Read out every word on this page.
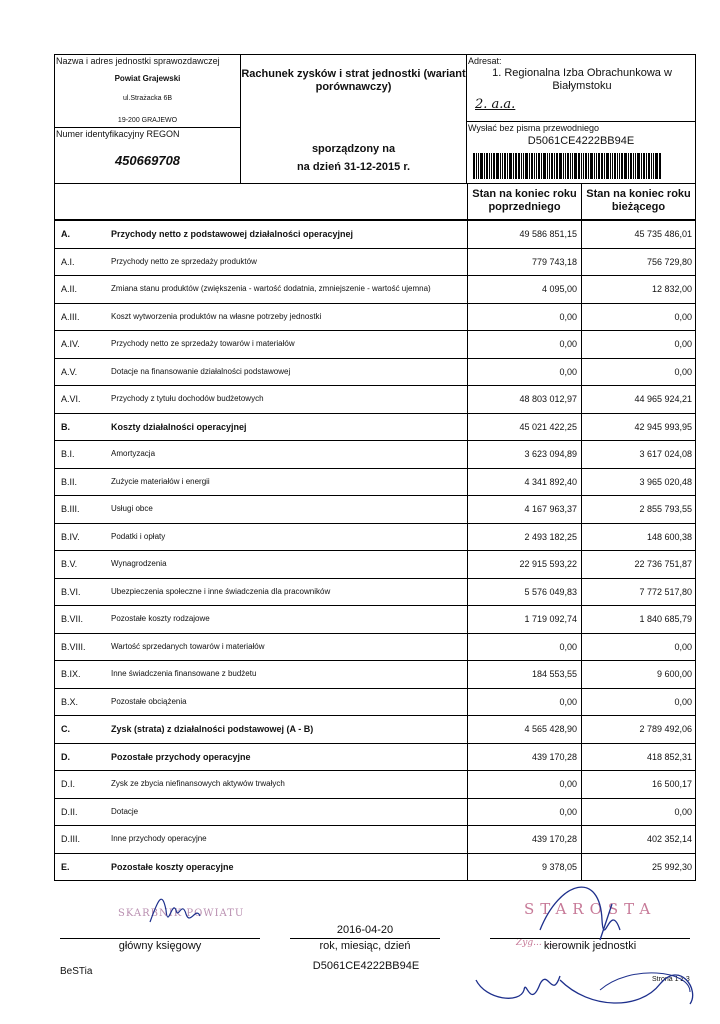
Nazwa i adres jednostki sprawozdawczej
Powiat Grajewski
ul.Strażacka 6B
19-200 GRAJEWO
Numer identyfikacyjny REGON
450669708
Rachunek zysków i strat jednostki (wariant porównawczy)
sporządzony na
na dzień 31-12-2015 r.
Adresat:
1. Regionalna Izba Obrachunkowa w Białymstoku
2. a.a.
Wysłać bez pisma przewodniego
D5061CE4222BB94E
Stan na koniec roku poprzedniego
Stan na koniec roku bieżącego
A.	Przychody netto z podstawowej działalności operacyjnej	49 586 851,15	45 735 486,01
A.I.	Przychody netto ze sprzedaży produktów	779 743,18	756 729,80
A.II.	Zmiana stanu produktów (zwiększenia - wartość dodatnia, zmniejszenie - wartość ujemna)	4 095,00	12 832,00
A.III.	Koszt wytworzenia produktów na własne potrzeby jednostki	0,00	0,00
A.IV.	Przychody netto ze sprzedaży towarów i materiałów	0,00	0,00
A.V.	Dotacje na finansowanie działalności podstawowej	0,00	0,00
A.VI.	Przychody z tytułu dochodów budżetowych	48 803 012,97	44 965 924,21
B.	Koszty działalności operacyjnej	45 021 422,25	42 945 993,95
B.I.	Amortyzacja	3 623 094,89	3 617 024,08
B.II.	Zużycie materiałów i energii	4 341 892,40	3 965 020,48
B.III.	Usługi obce	4 167 963,37	2 855 793,55
B.IV.	Podatki i opłaty	2 493 182,25	148 600,38
B.V.	Wynagrodzenia	22 915 593,22	22 736 751,87
B.VI.	Ubezpieczenia społeczne i inne świadczenia dla pracowników	5 576 049,83	7 772 517,80
B.VII.	Pozostałe koszty rodzajowe	1 719 092,74	1 840 685,79
B.VIII.	Wartość sprzedanych towarów i materiałów	0,00	0,00
B.IX.	Inne świadczenia finansowane z budżetu	184 553,55	9 600,00
B.X.	Pozostałe obciążenia	0,00	0,00
C.	Zysk (strata) z działalności podstawowej (A - B)	4 565 428,90	2 789 492,06
D.	Pozostałe przychody operacyjne	439 170,28	418 852,31
D.I.	Zysk ze zbycia niefinansowych aktywów trwałych	0,00	16 500,17
D.II.	Dotacje	0,00	0,00
D.III.	Inne przychody operacyjne	439 170,28	402 352,14
E.	Pozostałe koszty operacyjne	9 378,05	25 992,30
SKARBNIK POWIATU	STAROSTA
Zyg... ...
główny księgowy
2016-04-20
rok, miesiąc, dzień	kierownik jednostki
BeSTia	D5061CE4222BB94E
Strona 1 z 3
